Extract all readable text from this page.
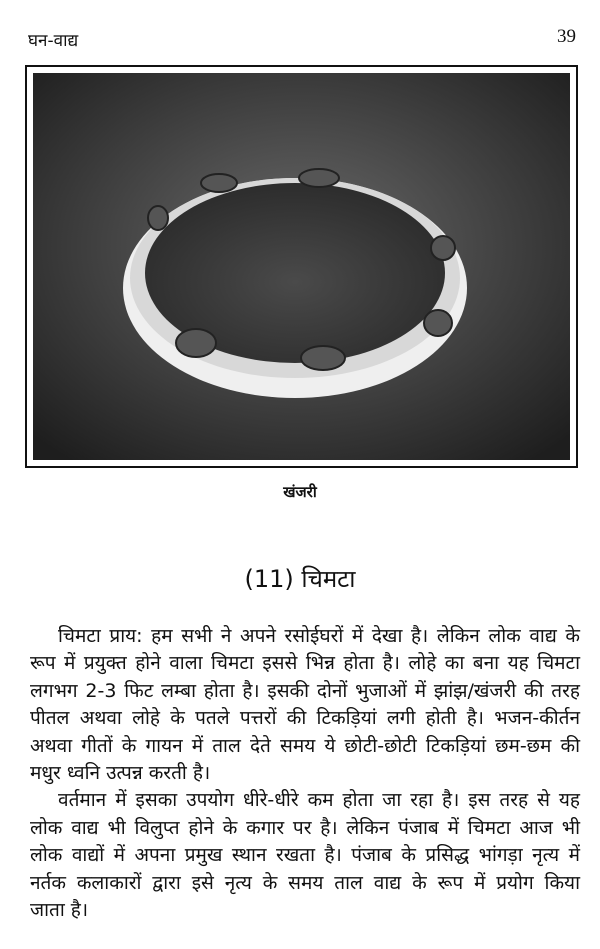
घन-वाद्य	39
खंजरी
(11) चिमटा
चिमटा प्राय: हम सभी ने अपने रसोईघरों में देखा है। लेकिन लोक वाद्य के
रूप में प्रयुक्त होने वाला चिमटा इससे भिन्न होता है। लोहे का बना यह चिमटा
लगभग 2-3 फिट लम्बा होता है। इसकी दोनों भुजाओं में झांझ/खंजरी की तरह
पीतल अथवा लोहे के पतले पत्तरों की टिकड़ियां लगी होती है। भजन-कीर्तन
अथवा गीतों के गायन में ताल देते समय ये छोटी-छोटी टिकड़ियां छम-छम की
मधुर ध्वनि उत्पन्न करती है।
वर्तमान में इसका उपयोग धीरे-धीरे कम होता जा रहा है। इस तरह से यह
लोक वाद्य भी विलुप्त होने के कगार पर है। लेकिन पंजाब में चिमटा आज भी
लोक वाद्यों में अपना प्रमुख स्थान रखता है। पंजाब के प्रसिद्ध भांगड़ा नृत्य में
नर्तक कलाकारों द्वारा इसे नृत्य के समय ताल वाद्य के रूप में प्रयोग किया
जाता है।
